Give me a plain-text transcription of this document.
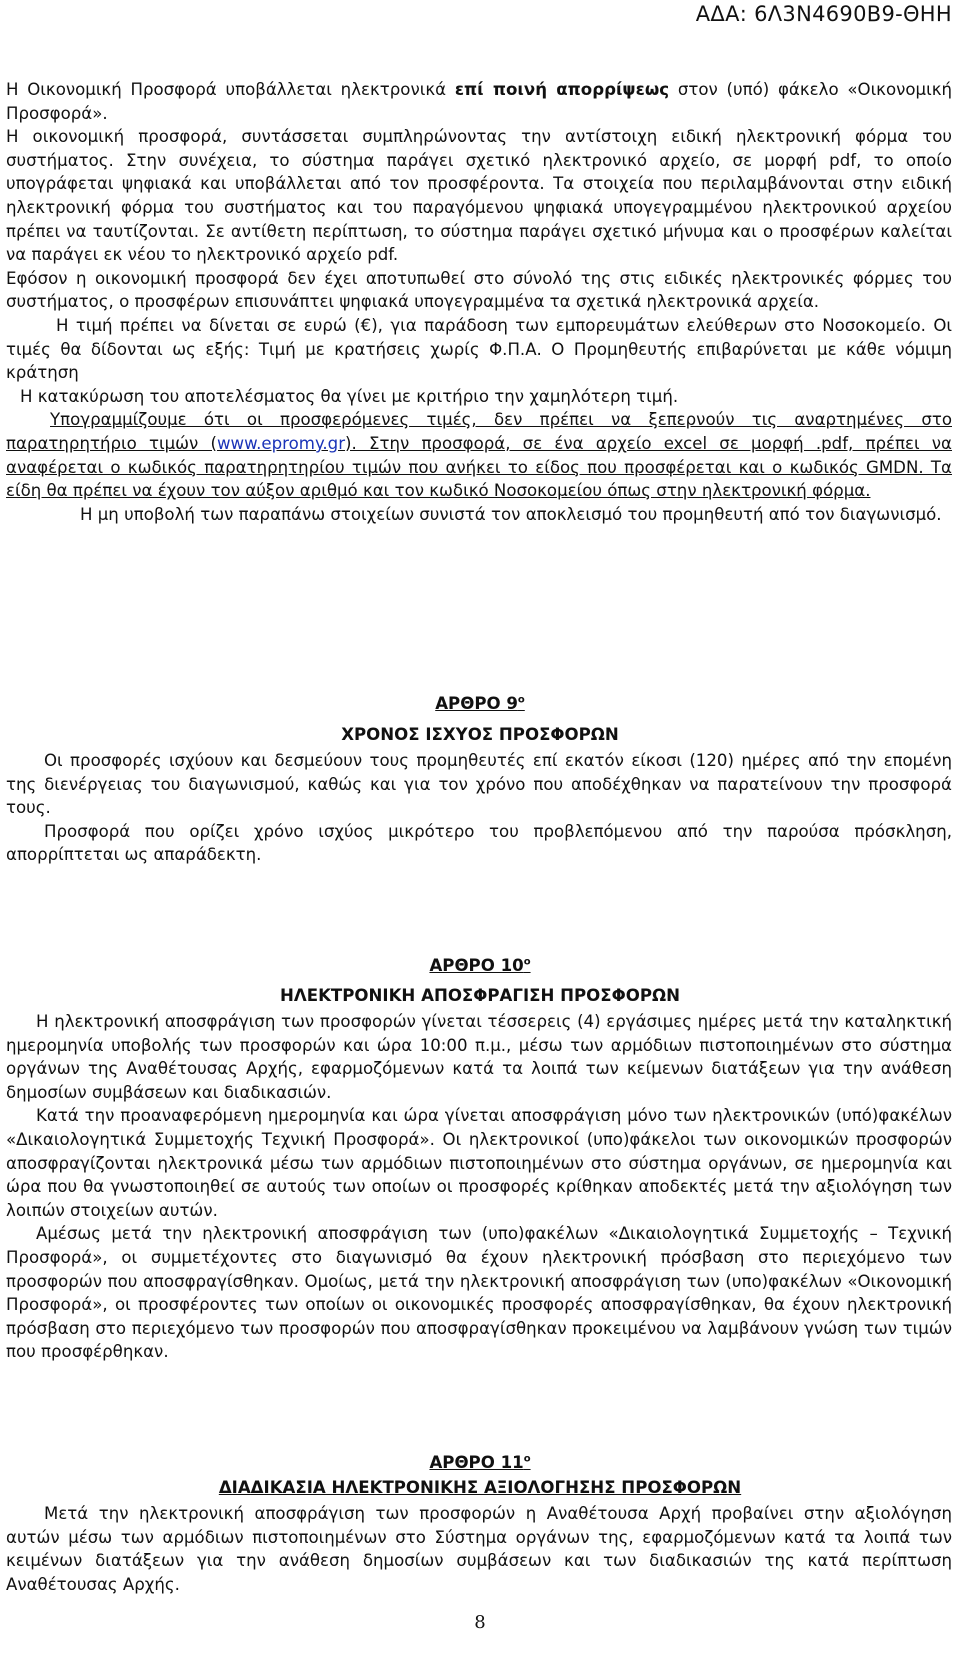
ΑΔΑ: 6Λ3Ν4690Β9-ΘΗΗ

Η Οικονομική Προσφορά υποβάλλεται ηλεκτρονικά επί ποινή απορρίψεως στον (υπό) φάκελο «Οικονομική Προσφορά».

Η οικονομική προσφορά, συντάσσεται συμπληρώνοντας την αντίστοιχη ειδική ηλεκτρονική φόρμα του συστήματος. Στην συνέχεια, το σύστημα παράγει σχετικό ηλεκτρονικό αρχείο, σε μορφή pdf, το οποίο υπογράφεται ψηφιακά και υποβάλλεται από τον προσφέροντα. Τα στοιχεία που περιλαμβάνονται στην ειδική ηλεκτρονική φόρμα του συστήματος και του παραγόμενου ψηφιακά υπογεγραμμένου ηλεκτρονικού αρχείου πρέπει να ταυτίζονται. Σε αντίθετη περίπτωση, το σύστημα παράγει σχετικό μήνυμα και ο προσφέρων καλείται να παράγει εκ νέου το ηλεκτρονικό αρχείο pdf.

Εφόσον η οικονομική προσφορά δεν έχει αποτυπωθεί στο σύνολό της στις ειδικές ηλεκτρονικές φόρμες του συστήματος, ο προσφέρων επισυνάπτει ψηφιακά υπογεγραμμένα τα σχετικά ηλεκτρονικά αρχεία.

Η τιμή πρέπει να δίνεται σε ευρώ (€), για παράδοση των εμπορευμάτων ελεύθερων στο Νοσοκομείο. Οι τιμές θα δίδονται ως εξής: Τιμή με κρατήσεις χωρίς Φ.Π.Α. Ο Προμηθευτής επιβαρύνεται με κάθε νόμιμη κράτηση

Η κατακύρωση του αποτελέσματος θα γίνει με κριτήριο την χαμηλότερη τιμή.

Υπογραμμίζουμε ότι οι προσφερόμενες τιμές, δεν πρέπει να ξεπερνούν τις αναρτημένες στο παρατηρητήριο τιμών (www.epromy.gr). Στην προσφορά, σε ένα αρχείο excel σε μορφή .pdf, πρέπει να αναφέρεται ο κωδικός παρατηρητηρίου τιμών που ανήκει το είδος που προσφέρεται και ο κωδικός GMDN. Τα είδη θα πρέπει να έχουν τον αύξον αριθμό και τον κωδικό Νοσοκομείου όπως στην ηλεκτρονική φόρμα.

Η μη υποβολή των παραπάνω στοιχείων συνιστά τον αποκλεισμό του προμηθευτή από τον διαγωνισμό.

ΑΡΘΡΟ $9^o$
ΧΡΟΝΟΣ ΙΣΧΥΟΣ ΠΡΟΣΦΟΡΩΝ

Οι προσφορές ισχύουν και δεσμεύουν τους προμηθευτές επί εκατόν είκοσι (120) ημέρες από την επομένη της διενέργειας του διαγωνισμού, καθώς και για τον χρόνο που αποδέχθηκαν να παρατείνουν την προσφορά τους.

Προσφορά που ορίζει χρόνο ισχύος μικρότερο του προβλεπόμενου από την παρούσα πρόσκληση, απορρίπτεται ως απαράδεκτη.

ΑΡΘΡΟ $10^o$
ΗΛΕΚΤΡΟΝΙΚΗ ΑΠΟΣΦΡΑΓΙΣΗ ΠΡΟΣΦΟΡΩΝ

Η ηλεκτρονική αποσφράγιση των προσφορών γίνεται τέσσερεις (4) εργάσιμες ημέρες μετά την καταληκτική ημερομηνία υποβολής των προσφορών και ώρα 10:00 π.μ., μέσω των αρμόδιων πιστοποιημένων στο σύστημα οργάνων της Αναθέτουσας Αρχής, εφαρμοζόμενων κατά τα λοιπά των κείμενων διατάξεων για την ανάθεση δημοσίων συμβάσεων και διαδικασιών.

Κατά την προαναφερόμενη ημερομηνία και ώρα γίνεται αποσφράγιση μόνο των ηλεκτρονικών (υπό)φακέλων «Δικαιολογητικά Συμμετοχής Τεχνική Προσφορά». Οι ηλεκτρονικοί (υπο)φάκελοι των οικονομικών προσφορών αποσφραγίζονται ηλεκτρονικά μέσω των αρμόδιων πιστοποιημένων στο σύστημα οργάνων, σε ημερομηνία και ώρα που θα γνωστοποιηθεί σε αυτούς των οποίων οι προσφορές κρίθηκαν αποδεκτές μετά την αξιολόγηση των λοιπών στοιχείων αυτών.

Αμέσως μετά την ηλεκτρονική αποσφράγιση των (υπο)φακέλων «Δικαιολογητικά Συμμετοχής – Τεχνική Προσφορά», οι συμμετέχοντες στο διαγωνισμό θα έχουν ηλεκτρονική πρόσβαση στο περιεχόμενο των προσφορών που αποσφραγίσθηκαν. Ομοίως, μετά την ηλεκτρονική αποσφράγιση των (υπο)φακέλων «Οικονομική Προσφορά», οι προσφέροντες των οποίων οι οικονομικές προσφορές αποσφραγίσθηκαν, θα έχουν ηλεκτρονική πρόσβαση στο περιεχόμενο των προσφορών που αποσφραγίσθηκαν προκειμένου να λαμβάνουν γνώση των τιμών που προσφέρθηκαν.

ΑΡΘΡΟ $11^o$
ΔΙΑΔΙΚΑΣΙΑ ΗΛΕΚΤΡΟΝΙΚΗΣ ΑΞΙΟΛΟΓΗΣΗΣ ΠΡΟΣΦΟΡΩΝ

Μετά την ηλεκτρονική αποσφράγιση των προσφορών η Αναθέτουσα Αρχή προβαίνει στην αξιολόγηση αυτών μέσω των αρμόδιων πιστοποιημένων στο Σύστημα οργάνων της, εφαρμοζόμενων κατά τα λοιπά των κειμένων διατάξεων για την ανάθεση δημοσίων συμβάσεων και των διαδικασιών της κατά περίπτωση Αναθέτουσας Αρχής.

8
